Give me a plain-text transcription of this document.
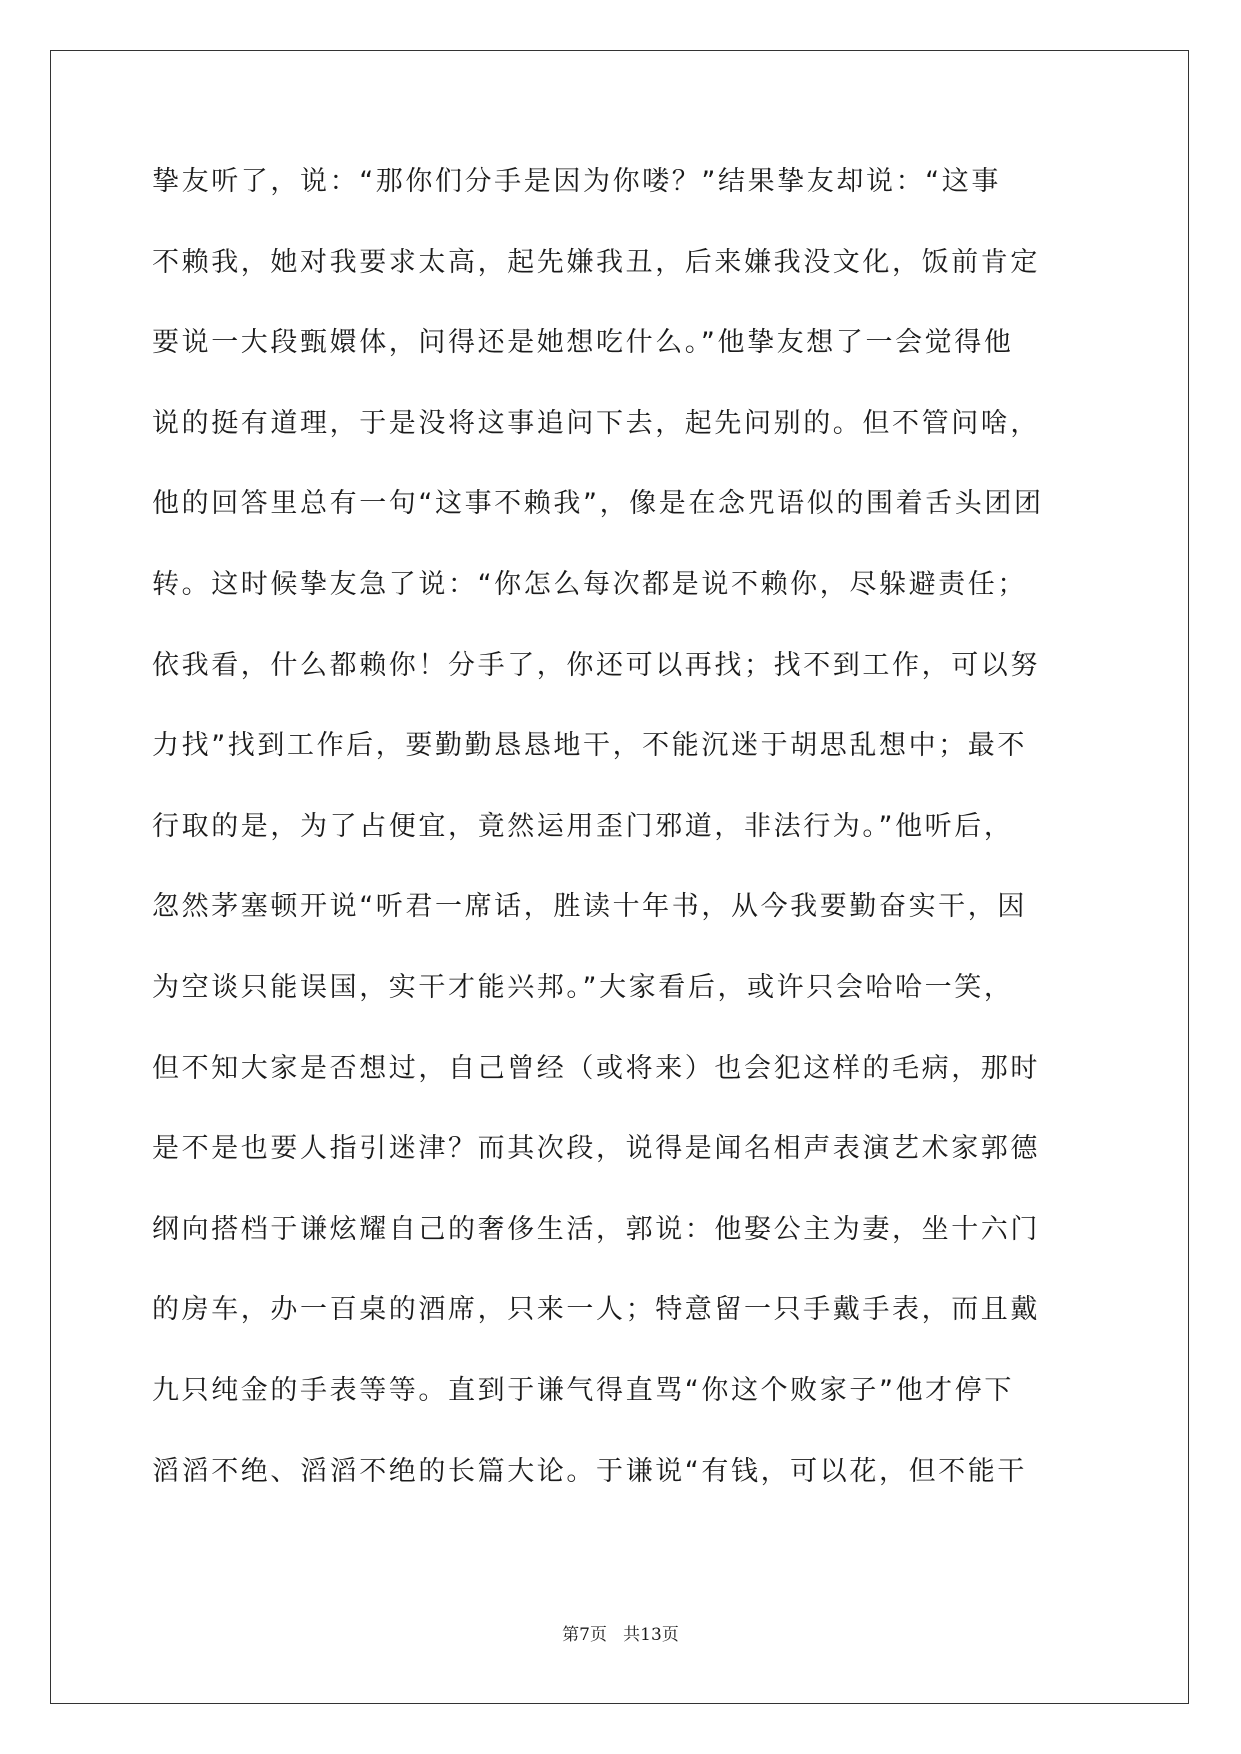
挚友听了，说：“那你们分手是因为你喽？”结果挚友却说：“这事
不赖我，她对我要求太高，起先嫌我丑，后来嫌我没文化，饭前肯定
要说一大段甄嬛体，问得还是她想吃什么。”他挚友想了一会觉得他
说的挺有道理，于是没将这事追问下去，起先问别的。但不管问啥，
他的回答里总有一句“这事不赖我”，像是在念咒语似的围着舌头团团
转。这时候挚友急了说：“你怎么每次都是说不赖你，尽躲避责任；
依我看，什么都赖你！分手了，你还可以再找；找不到工作，可以努
力找”找到工作后，要勤勤恳恳地干，不能沉迷于胡思乱想中；最不
行取的是，为了占便宜，竟然运用歪门邪道，非法行为。”他听后，
忽然茅塞顿开说“听君一席话，胜读十年书，从今我要勤奋实干，因
为空谈只能误国，实干才能兴邦。”大家看后，或许只会哈哈一笑，
但不知大家是否想过，自己曾经（或将来）也会犯这样的毛病，那时
是不是也要人指引迷津？而其次段，说得是闻名相声表演艺术家郭德
纲向搭档于谦炫耀自己的奢侈生活，郭说：他娶公主为妻，坐十六门
的房车，办一百桌的酒席，只来一人；特意留一只手戴手表，而且戴
九只纯金的手表等等。直到于谦气得直骂“你这个败家子”他才停下
滔滔不绝、滔滔不绝的长篇大论。于谦说“有钱，可以花，但不能干
第7页   共13页
